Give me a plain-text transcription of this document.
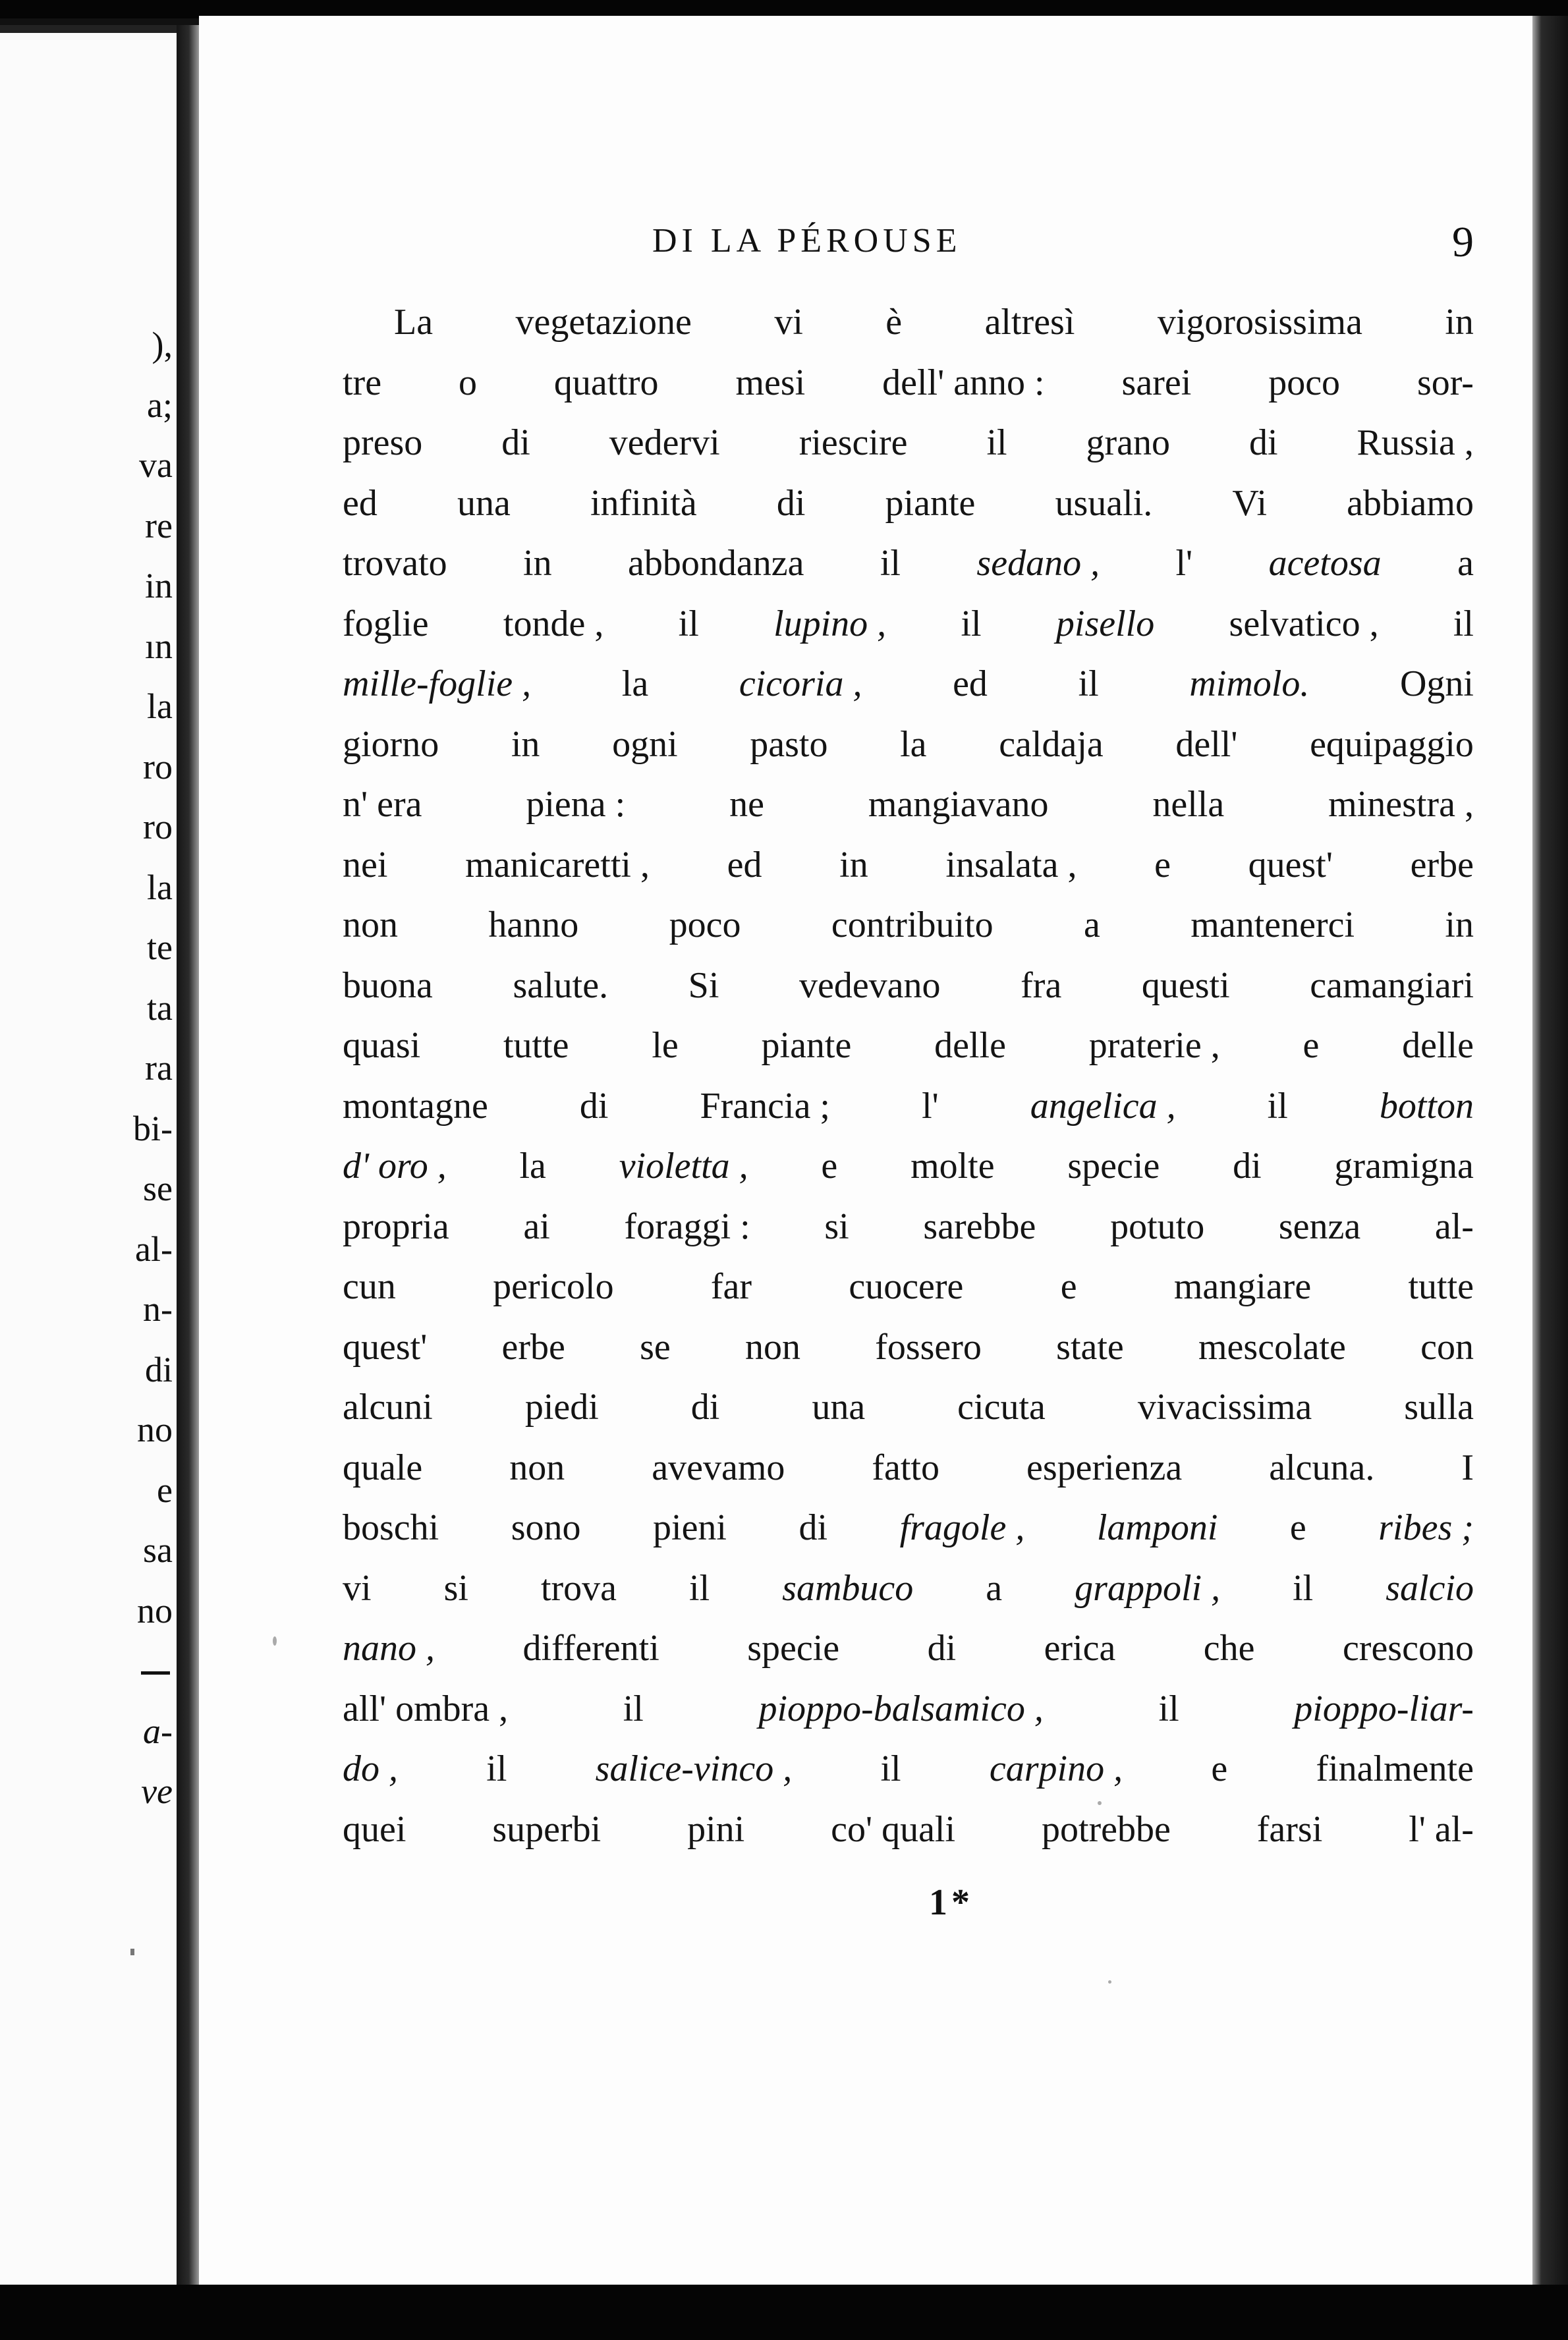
),
a;
va
re
in
ın
la
ro
ro
la
te
ta
ra
bi-
se
al-
n-
di
no
e
sa
no
a-
ve
DI LA PÉROUSE	9
La vegetazione vi è altresì vigorosissima in
tre o quattro mesi dell' anno : sarei poco sor-
preso di vedervi riescire il grano di Russia ,
ed una infinità di piante usuali. Vi abbiamo
trovato in abbondanza il sedano , l' acetosa a
foglie tonde , il lupino , il pisello selvatico , il
mille-foglie , la cicoria , ed il mimolo. Ogni
giorno in ogni pasto la caldaja dell' equipaggio
n' era	piena :	ne	mangiavano	nella	minestra ,
nei manicaretti , ed in insalata , e quest' erbe
non hanno poco contribuito a mantenerci in
buona salute. Si vedevano fra questi camangiari
quasi tutte le piante delle praterie , e delle
montagne di Francia ; l' angelica , il botton
d' oro , la violetta , e molte specie di gramigna
propria ai foraggi : si sarebbe potuto senza al-
cun	pericolo	far	cuocere	e	mangiare	tutte
quest' erbe se non fossero state mescolate con
alcuni piedi di una cicuta vivacissima sulla
quale non avevamo fatto esperienza alcuna. I
boschi sono pieni di fragole , lamponi e ribes ;
vi si trova il sambuco a grappoli , il salcio
nano , differenti specie di erica che crescono
all' ombra ,	il	pioppo-balsamico ,	il	pioppo-liar-
do , il salice-vinco , il carpino , e finalmente
quei superbi pini co' quali potrebbe farsi l' al-
1*
